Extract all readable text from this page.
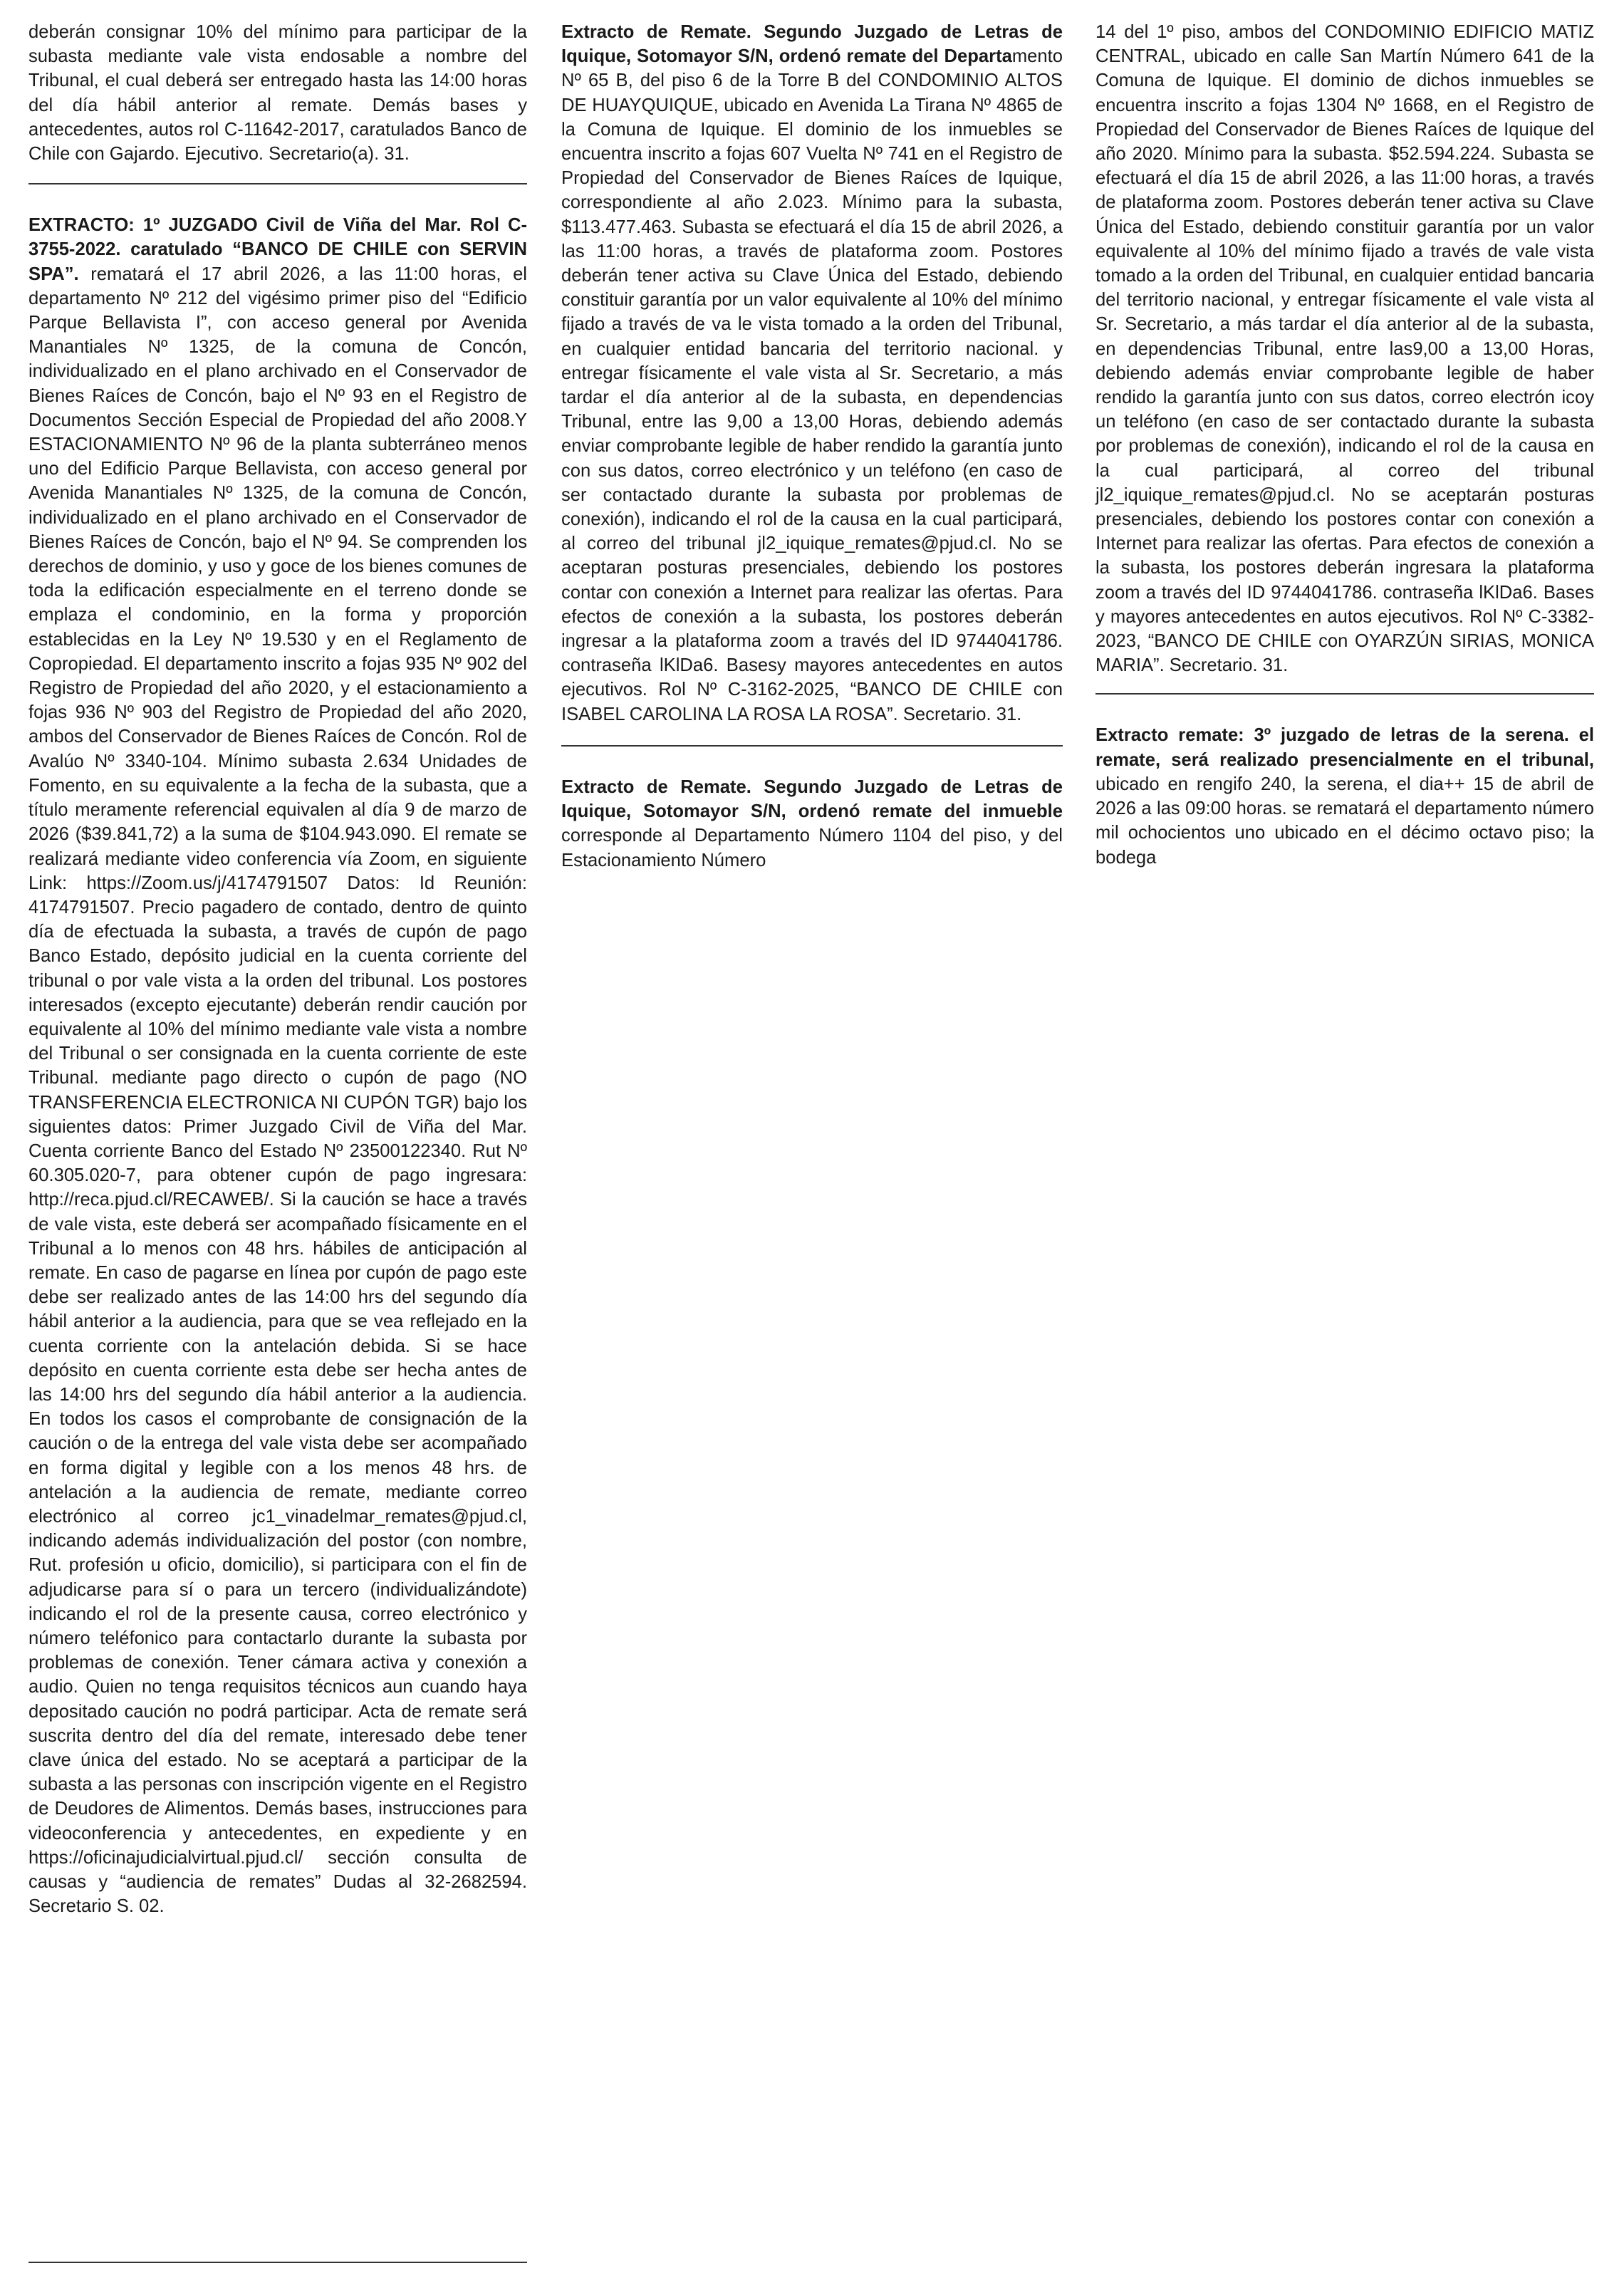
deberán consignar 10% del mínimo para participar de la subasta mediante vale vista endosable a nombre del Tribunal, el cual deberá ser entregado hasta las 14:00 horas del día hábil anterior al remate. Demás bases y antecedentes, autos rol C-11642-2017, caratulados Banco de Chile con Gajardo. Ejecutivo. Secretario(a). 31.

EXTRACTO: 1º JUZGADO Civil de Viña del Mar. Rol C-3755-2022. caratulado “BANCO DE CHILE con SERVIN SPA”. rematará el 17 abril 2026, a las 11:00 horas, el departamento Nº 212 del vigésimo primer piso del “Edificio Parque Bellavista I”, con acceso general por Avenida Manantiales Nº 1325, de la comuna de Concón, individualizado en el plano archivado en el Conservador de Bienes Raíces de Concón, bajo el Nº 93 en el Registro de Documentos Sección Especial de Propiedad del año 2008.Y ESTACIONAMIENTO Nº 96 de la planta subterráneo menos uno del Edificio Parque Bellavista, con acceso general por Avenida Manantiales Nº 1325, de la comuna de Concón, individualizado en el plano archivado en el Conservador de Bienes Raíces de Concón, bajo el Nº 94. Se comprenden los derechos de dominio, y uso y goce de los bienes comunes de toda la edificación especialmente en el terreno donde se emplaza el condominio, en la forma y proporción establecidas en la Ley Nº 19.530 y en el Reglamento de Copropiedad. El departamento inscrito a fojas 935 Nº 902 del Registro de Propiedad del año 2020, y el estacionamiento a fojas 936 Nº 903 del Registro de Propiedad del año 2020, ambos del Conservador de Bienes Raíces de Concón. Rol de Avalúo Nº 3340-104. Mínimo subasta 2.634 Unidades de Fomento, en su equivalente a la fecha de la subasta, que a título meramente referencial equivalen al día 9 de marzo de 2026 ($39.841,72) a la suma de $104.943.090. El remate se realizará mediante video conferencia vía Zoom, en siguiente Link: https://Zoom.us/j/4174791507 Datos: Id Reunión: 4174791507. Precio pagadero de contado, dentro de quinto día de efectuada la subasta, a través de cupón de pago Banco Estado, depósito judicial en la cuenta corriente del tribunal o por vale vista a la orden del tribunal. Los postores interesados (excepto ejecutante) deberán rendir caución por equivalente al 10% del mínimo mediante vale vista a nombre del Tribunal o ser consignada en la cuenta corriente de este Tribunal. mediante pago directo o cupón de pago (NO TRANSFERENCIA ELECTRONICA NI CUPÓN TGR) bajo los siguientes datos: Primer Juzgado Civil de Viña del Mar. Cuenta corriente Banco del Estado Nº 23500122340. Rut Nº 60.305.020-7, para obtener cupón de pago ingresara: http://reca.pjud.cl/RECAWEB/. Si la caución se hace a través de vale vista, este deberá ser acompañado físicamente en el Tribunal a lo menos con 48 hrs. hábiles de anticipación al remate. En caso de pagarse en línea por cupón de pago este debe ser realizado antes de las 14:00 hrs del segundo día hábil anterior a la audiencia, para que se vea reflejado en la cuenta corriente con la antelación debida. Si se hace depósito en cuenta corriente esta debe ser hecha antes de las 14:00 hrs del segundo día hábil anterior a la audiencia. En todos los casos el comprobante de consignación de la caución o de la entrega del vale vista debe ser acompañado en forma digital y legible con a los menos 48 hrs. de antelación a la audiencia de remate, mediante correo electrónico al correo jc1_vinadelmar_remates@pjud.cl, indicando además individualización del postor (con nombre, Rut. profesión u oficio, domicilio), si participara con el fin de adjudicarse para sí o para un tercero (individualizándote) indicando el rol de la presente causa, correo electrónico y número teléfonico para contactarlo durante la subasta por problemas de conexión. Tener cámara activa y conexión a audio. Quien no tenga requisitos técnicos aun cuando haya depositado caución no podrá participar. Acta de remate será suscrita dentro del día del remate, interesado debe tener clave única del estado. No se aceptará a participar de la subasta a las personas con inscripción vigente en el Registro de Deudores de Alimentos. Demás bases, instrucciones para videoconferencia y antecedentes, en expediente y en https://oficinajudicialvirtual.pjud.cl/ sección consulta de causas y “audiencia de remates” Dudas al 32-2682594. Secretario S. 02.

Extracto de Remate. Segundo Juzgado de Letras de Iquique, Sotomayor S/N, ordenó remate del Departamento Nº 65 B, del piso 6 de la Torre B del CONDOMINIO ALTOS DE HUAYQUIQUE, ubicado en Avenida La Tirana Nº 4865 de la Comuna de Iquique. El dominio de los inmuebles se encuentra inscrito a fojas 607 Vuelta Nº 741 en el Registro de Propiedad del Conservador de Bienes Raíces de Iquique, correspondiente al año 2.023. Mínimo para la subasta, $113.477.463. Subasta se efectuará el día 15 de abril 2026, a las 11:00 horas, a través de plataforma zoom. Postores deberán tener activa su Clave Única del Estado, debiendo constituir garantía por un valor equivalente al 10% del mínimo fijado a través de va le vista tomado a la orden del Tribunal, en cualquier entidad bancaria del territorio nacional. y entregar físicamente el vale vista al Sr. Secretario, a más tardar el día anterior al de la subasta, en dependencias Tribunal, entre las 9,00 a 13,00 Horas, debiendo además enviar comprobante legible de haber rendido la garantía junto con sus datos, correo electrónico y un teléfono (en caso de ser contactado durante la subasta por problemas de conexión), indicando el rol de la causa en la cual participará, al correo del tribunal jl2_iquique_remates@pjud.cl. No se aceptaran posturas presenciales, debiendo los postores contar con conexión a Internet para realizar las ofertas. Para efectos de conexión a la subasta, los postores deberán ingresar a la plataforma zoom a través del ID 9744041786. contraseña lKlDa6. Basesy mayores antecedentes en autos ejecutivos. Rol Nº C-3162-2025, “BANCO DE CHILE con ISABEL CAROLINA LA ROSA LA ROSA”. Secretario. 31.

Extracto de Remate. Segundo Juzgado de Letras de Iquique, Sotomayor S/N, ordenó remate del inmueble corresponde al Departamento Número 1104 del piso, y del Estacionamiento Número

14 del 1º piso, ambos del CONDOMINIO EDIFICIO MATIZ CENTRAL, ubicado en calle San Martín Número 641 de la Comuna de Iquique. El dominio de dichos inmuebles se encuentra inscrito a fojas 1304 Nº 1668, en el Registro de Propiedad del Conservador de Bienes Raíces de Iquique del año 2020. Mínimo para la subasta. $52.594.224. Subasta se efectuará el día 15 de abril 2026, a las 11:00 horas, a través de plataforma zoom. Postores deberán tener activa su Clave Única del Estado, debiendo constituir garantía por un valor equivalente al 10% del mínimo fijado a través de vale vista tomado a la orden del Tribunal, en cualquier entidad bancaria del territorio nacional, y entregar físicamente el vale vista al Sr. Secretario, a más tardar el día anterior al de la subasta, en dependencias Tribunal, entre las9,00 a 13,00 Horas, debiendo además enviar comprobante legible de haber rendido la garantía junto con sus datos, correo electrón icoy un teléfono (en caso de ser contactado durante la subasta por problemas de conexión), indicando el rol de la causa en la cual participará, al correo del tribunal jl2_iquique_remates@pjud.cl. No se aceptarán posturas presenciales, debiendo los postores contar con conexión a Internet para realizar las ofertas. Para efectos de conexión a la subasta, los postores deberán ingresara la plataforma zoom a través del ID 9744041786. contraseña lKlDa6. Bases y mayores antecedentes en autos ejecutivos. Rol Nº C-3382-2023, “BANCO DE CHILE con OYARZÚN SIRIAS, MONICA MARIA”. Secretario. 31.

Extracto remate: 3º juzgado de letras de la serena. el remate, será realizado presencialmente en el tribunal, ubicado en rengifo 240, la serena, el dia++ 15 de abril de 2026 a las 09:00 horas. se rematará el departamento número mil ochocientos uno ubicado en el décimo octavo piso; la bodega
